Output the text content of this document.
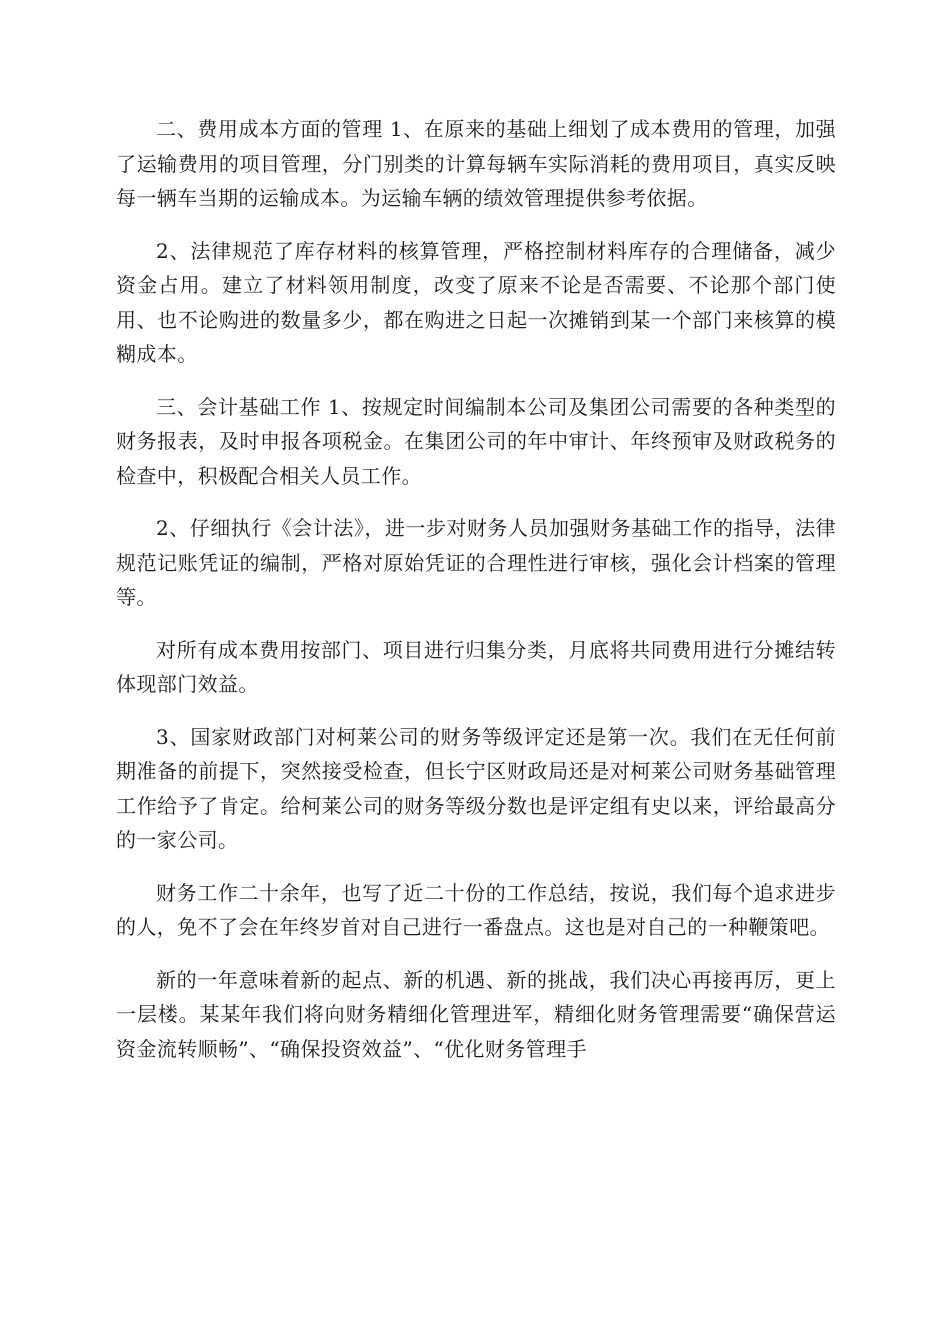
二、费用成本方面的管理 1、在原来的基础上细划了成本费用的管理，加强了运输费用的项目管理，分门别类的计算每辆车实际消耗的费用项目，真实反映每一辆车当期的运输成本。为运输车辆的绩效管理提供参考依据。

2、法律规范了库存材料的核算管理，严格控制材料库存的合理储备，减少资金占用。建立了材料领用制度，改变了原来不论是否需要、不论那个部门使用、也不论购进的数量多少，都在购进之日起一次摊销到某一个部门来核算的模糊成本。

三、会计基础工作 1、按规定时间编制本公司及集团公司需要的各种类型的财务报表，及时申报各项税金。在集团公司的年中审计、年终预审及财政税务的检查中，积极配合相关人员工作。

2、仔细执行《会计法》，进一步对财务人员加强财务基础工作的指导，法律规范记账凭证的编制，严格对原始凭证的合理性进行审核，强化会计档案的管理等。

对所有成本费用按部门、项目进行归集分类，月底将共同费用进行分摊结转体现部门效益。

3、国家财政部门对柯莱公司的财务等级评定还是第一次。我们在无任何前期准备的前提下，突然接受检查，但长宁区财政局还是对柯莱公司财务基础管理工作给予了肯定。给柯莱公司的财务等级分数也是评定组有史以来，评给最高分的一家公司。

财务工作二十余年，也写了近二十份的工作总结，按说，我们每个追求进步的人，免不了会在年终岁首对自己进行一番盘点。这也是对自己的一种鞭策吧。

新的一年意味着新的起点、新的机遇、新的挑战，我们决心再接再厉，更上一层楼。某某年我们将向财务精细化管理进军，精细化财务管理需要“确保营运资金流转顺畅”、“确保投资效益”、“优化财务管理手
